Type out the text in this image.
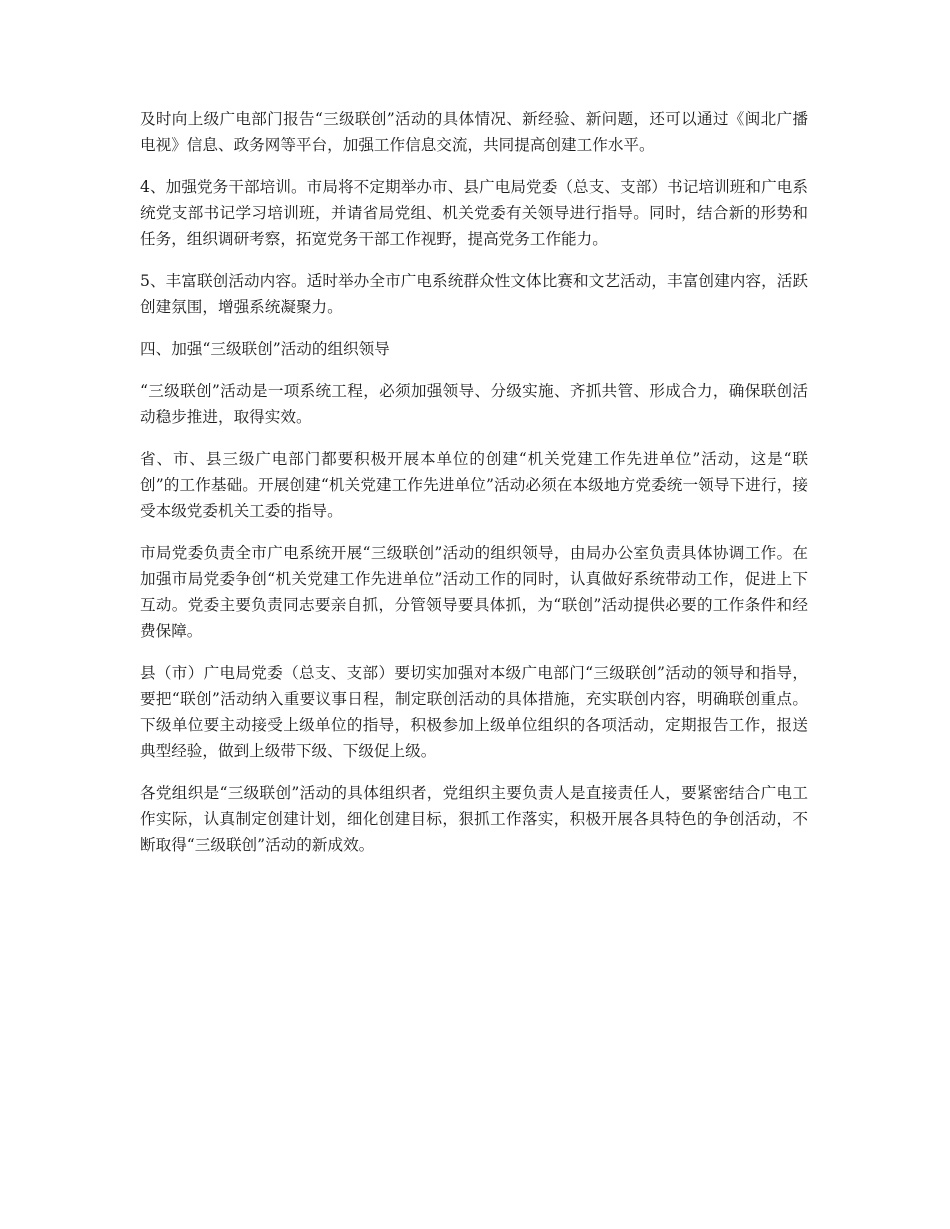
及时向上级广电部门报告“三级联创”活动的具体情况、新经验、新问题，还可以通过《闽北广播电视》信息、政务网等平台，加强工作信息交流，共同提高创建工作水平。

4、加强党务干部培训。市局将不定期举办市、县广电局党委（总支、支部）书记培训班和广电系统党支部书记学习培训班，并请省局党组、机关党委有关领导进行指导。同时，结合新的形势和任务，组织调研考察，拓宽党务干部工作视野，提高党务工作能力。

5、丰富联创活动内容。适时举办全市广电系统群众性文体比赛和文艺活动，丰富创建内容，活跃创建氛围，增强系统凝聚力。

四、加强“三级联创”活动的组织领导

“三级联创”活动是一项系统工程，必须加强领导、分级实施、齐抓共管、形成合力，确保联创活动稳步推进，取得实效。

省、市、县三级广电部门都要积极开展本单位的创建“机关党建工作先进单位”活动，这是“联创”的工作基础。开展创建“机关党建工作先进单位”活动必须在本级地方党委统一领导下进行，接受本级党委机关工委的指导。

市局党委负责全市广电系统开展“三级联创”活动的组织领导，由局办公室负责具体协调工作。在加强市局党委争创“机关党建工作先进单位”活动工作的同时，认真做好系统带动工作，促进上下互动。党委主要负责同志要亲自抓，分管领导要具体抓，为“联创”活动提供必要的工作条件和经费保障。

县（市）广电局党委（总支、支部）要切实加强对本级广电部门“三级联创”活动的领导和指导，要把“联创”活动纳入重要议事日程，制定联创活动的具体措施，充实联创内容，明确联创重点。下级单位要主动接受上级单位的指导，积极参加上级单位组织的各项活动，定期报告工作，报送典型经验，做到上级带下级、下级促上级。

各党组织是“三级联创”活动的具体组织者，党组织主要负责人是直接责任人，要紧密结合广电工作实际，认真制定创建计划，细化创建目标，狠抓工作落实，积极开展各具特色的争创活动，不断取得“三级联创”活动的新成效。
